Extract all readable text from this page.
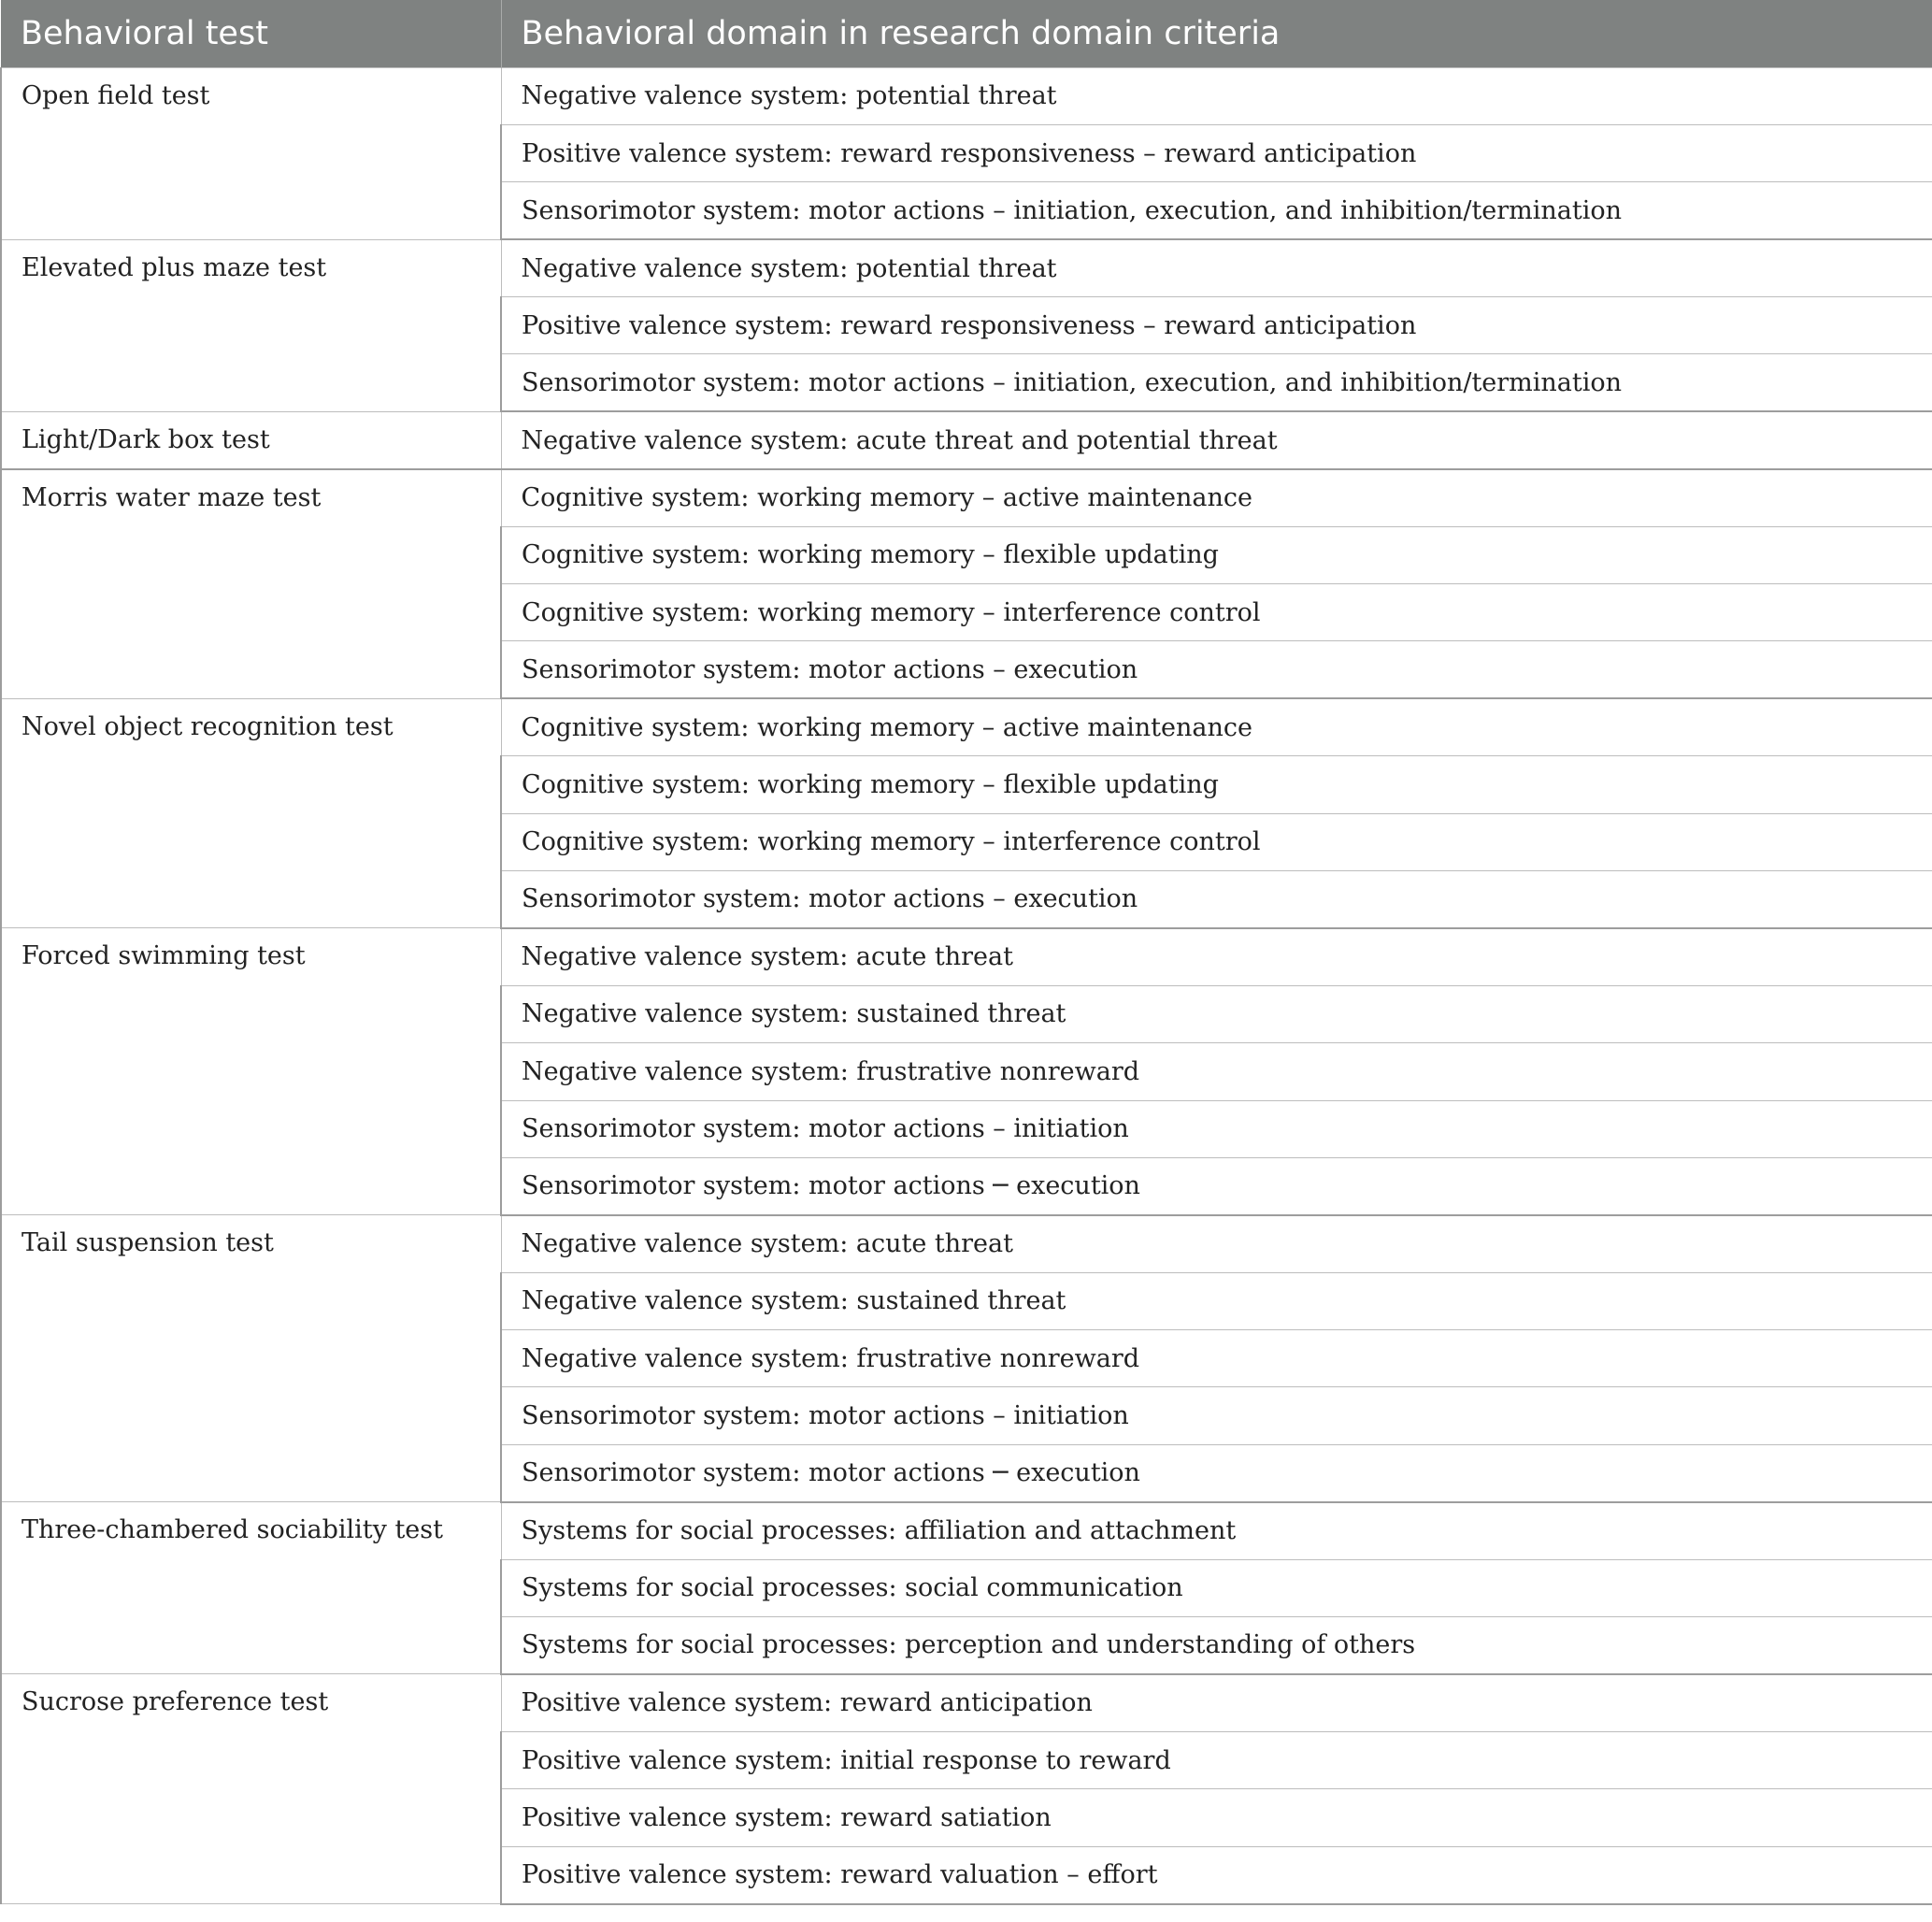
Behavioral test	Behavioral domain in research domain criteria
Open field test	Negative valence system: potential threat
	Positive valence system: reward responsiveness – reward anticipation
	Sensorimotor system: motor actions – initiation, execution, and inhibition/termination
Elevated plus maze test	Negative valence system: potential threat
	Positive valence system: reward responsiveness – reward anticipation
	Sensorimotor system: motor actions – initiation, execution, and inhibition/termination
Light/Dark box test	Negative valence system: acute threat and potential threat
Morris water maze test	Cognitive system: working memory – active maintenance
	Cognitive system: working memory – flexible updating
	Cognitive system: working memory – interference control
	Sensorimotor system: motor actions – execution
Novel object recognition test	Cognitive system: working memory – active maintenance
	Cognitive system: working memory – flexible updating
	Cognitive system: working memory – interference control
	Sensorimotor system: motor actions – execution
Forced swimming test	Negative valence system: acute threat
	Negative valence system: sustained threat
	Negative valence system: frustrative nonreward
	Sensorimotor system: motor actions – initiation
	Sensorimotor system: motor actions ─ execution
Tail suspension test	Negative valence system: acute threat
	Negative valence system: sustained threat
	Negative valence system: frustrative nonreward
	Sensorimotor system: motor actions – initiation
	Sensorimotor system: motor actions ─ execution
Three-chambered sociability test	Systems for social processes: affiliation and attachment
	Systems for social processes: social communication
	Systems for social processes: perception and understanding of others
Sucrose preference test	Positive valence system: reward anticipation
	Positive valence system: initial response to reward
	Positive valence system: reward satiation
	Positive valence system: reward valuation – effort
